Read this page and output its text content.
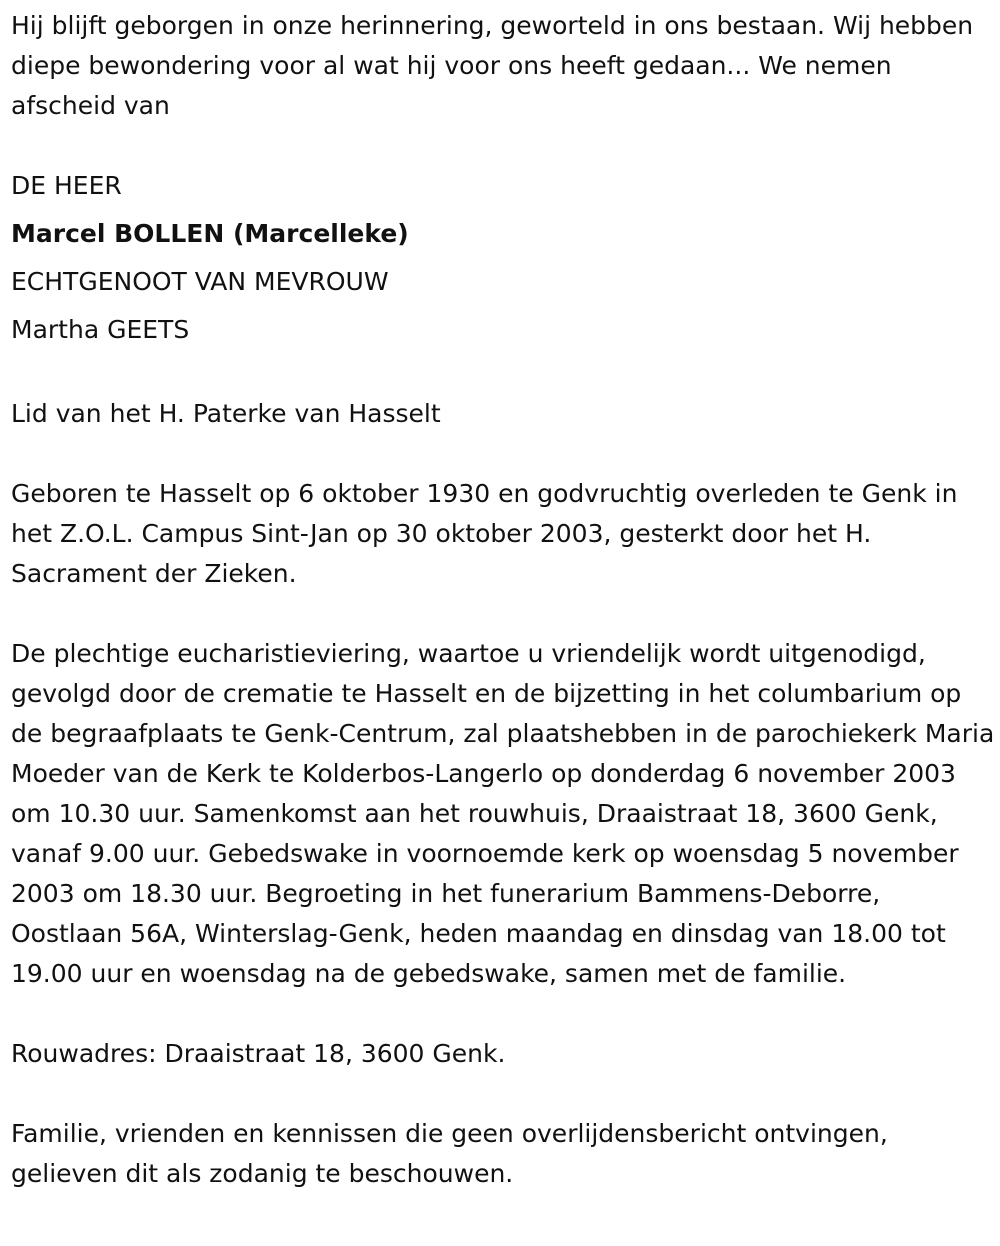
Hij blijft geborgen in onze herinnering, geworteld in ons bestaan. Wij hebben diepe bewondering voor al wat hij voor ons heeft gedaan... We nemen afscheid van

DE HEER

Marcel BOLLEN (Marcelleke)

ECHTGENOOT VAN MEVROUW

Martha GEETS

Lid van het H. Paterke van Hasselt

Geboren te Hasselt op 6 oktober 1930 en godvruchtig overleden te Genk in het Z.O.L. Campus Sint-Jan op 30 oktober 2003, gesterkt door het H. Sacrament der Zieken.

De plechtige eucharistieviering, waartoe u vriendelijk wordt uitgenodigd, gevolgd door de crematie te Hasselt en de bijzetting in het columbarium op de begraafplaats te Genk-Centrum, zal plaatshebben in de parochiekerk Maria Moeder van de Kerk te Kolderbos-Langerlo op donderdag 6 november 2003 om 10.30 uur. Samenkomst aan het rouwhuis, Draaistraat 18, 3600 Genk, vanaf 9.00 uur. Gebedswake in voornoemde kerk op woensdag 5 november 2003 om 18.30 uur. Begroeting in het funerarium Bammens-Deborre, Oostlaan 56A, Winterslag-Genk, heden maandag en dinsdag van 18.00 tot 19.00 uur en woensdag na de gebedswake, samen met de familie.

Rouwadres: Draaistraat 18, 3600 Genk.

Familie, vrienden en kennissen die geen overlijdensbericht ontvingen, gelieven dit als zodanig te beschouwen.
